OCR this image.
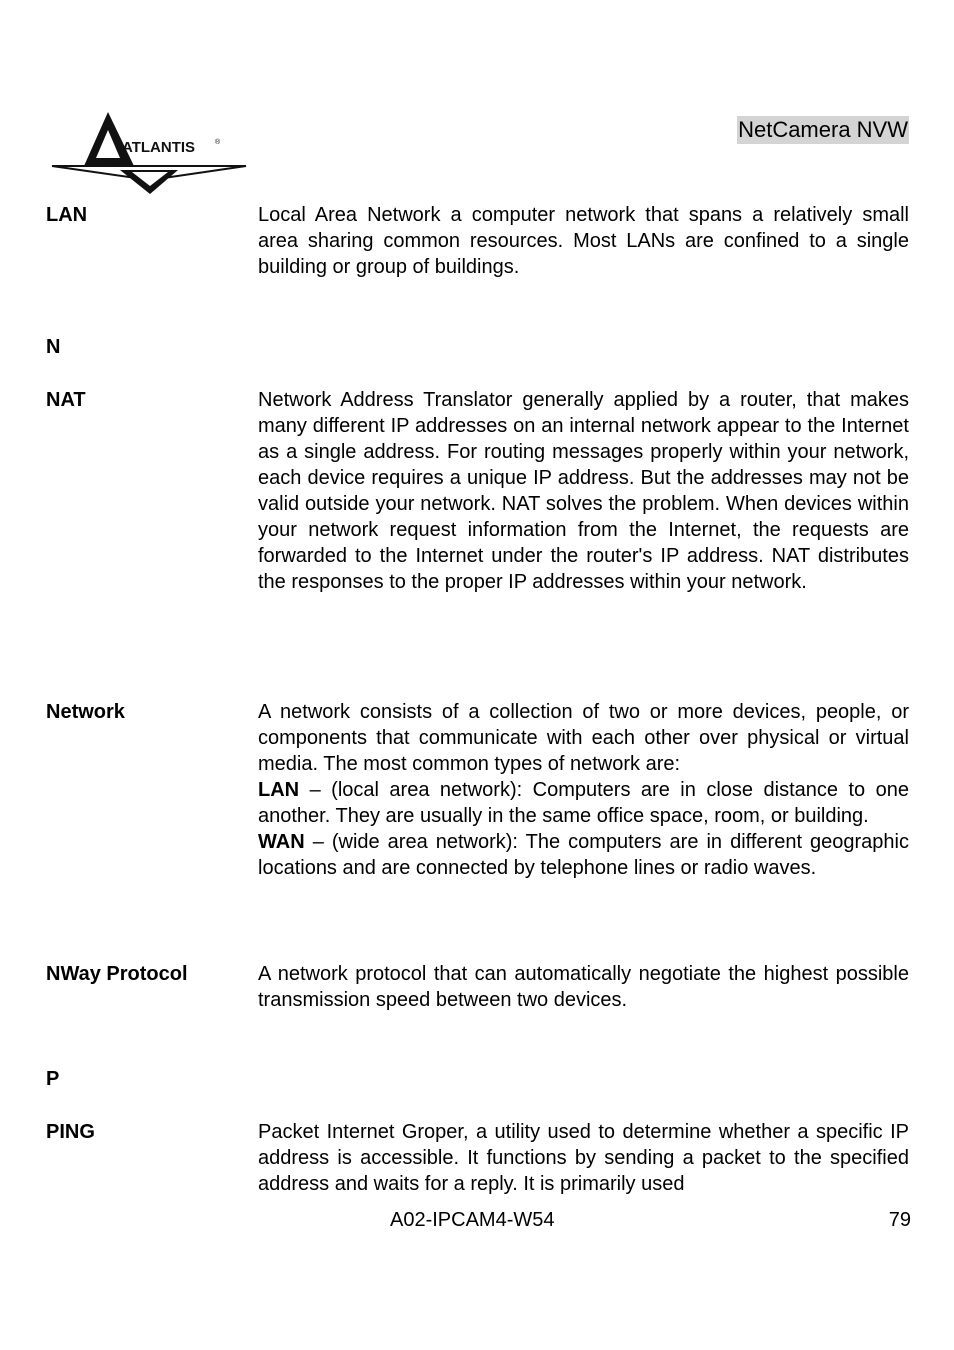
ATLANTIS
AND
®
NetCamera NVW
LAN	Local Area Network a computer network that spans a relatively small area sharing common resources. Most LANs are confined to a single building or group of buildings.

N
NAT	Network Address Translator generally applied by a router, that makes many different IP addresses on an internal network appear to the Internet as a single address. For routing messages properly within your network, each device requires a unique IP address. But the addresses may not be valid outside your network. NAT solves the problem. When devices within your network request information from the Internet, the requests are forwarded to the Internet under the router's IP address. NAT distributes the responses to the proper IP addresses within your network.

Network	A network consists of a collection of two or more devices, people, or components that communicate with each other over physical or virtual media. The most common types of network are:

LAN – (local area network): Computers are in close distance to one another. They are usually in the same office space, room, or building.

WAN – (wide area network): The computers are in different geographic locations and are connected by telephone lines or radio waves.

NWay Protocol	A network protocol that can automatically negotiate the highest possible transmission speed between two devices.

P
PING	Packet Internet Groper, a utility used to determine whether a specific IP address is accessible. It functions by sending a packet to the specified address and waits for a reply. It is primarily used

A02-IPCAM4-W54	79
